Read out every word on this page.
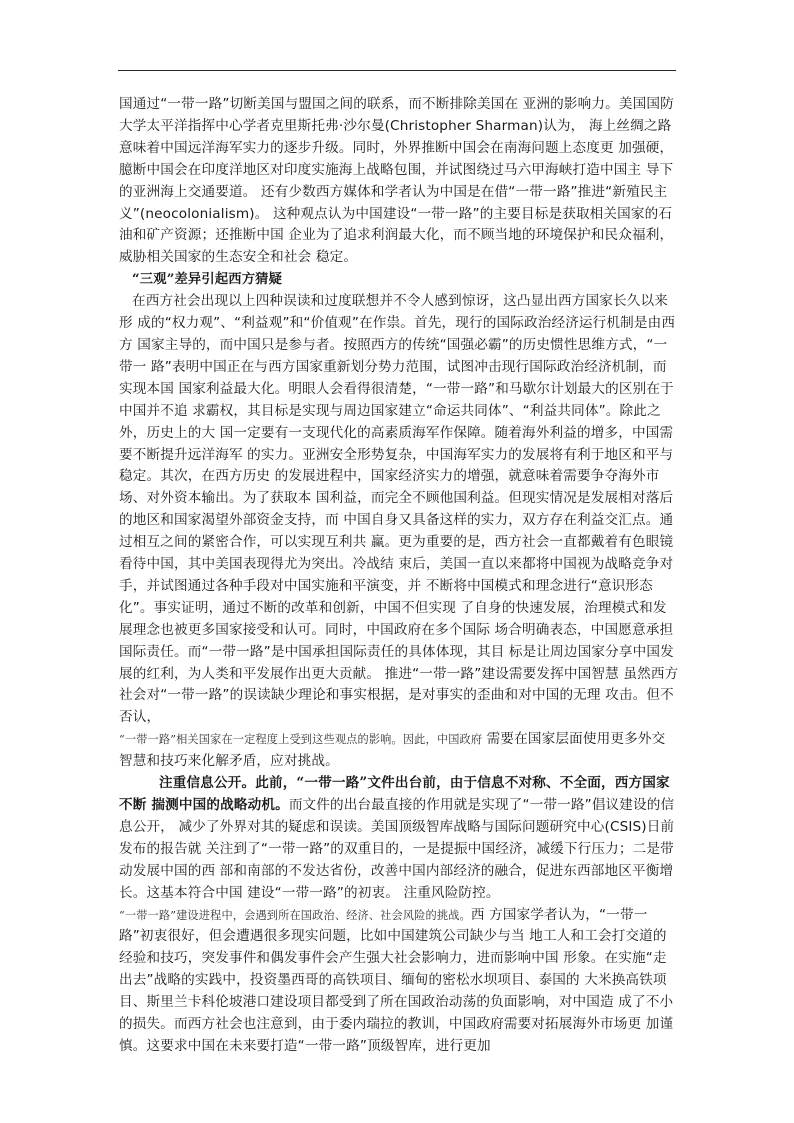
国通过“一带一路”切断美国与盟国之间的联系，而不断排除美国在 亚洲的影响力。美国国防大学太平洋指挥中心学者克里斯托弗·沙尔曼(Christopher Sharman)认为， 海上丝绸之路意味着中国远洋海军实力的逐步升级。同时，外界推断中国会在南海问题上态度更 加强硬，臆断中国会在印度洋地区对印度实施海上战略包围，并试图绕过马六甲海峡打造中国主 导下的亚洲海上交通要道。 还有少数西方媒体和学者认为中国是在借“一带一路”推进“新殖民主义”(neocolonialism)。 这种观点认为中国建设“一带一路”的主要目标是获取相关国家的石油和矿产资源；还推断中国 企业为了追求利润最大化，而不顾当地的环境保护和民众福利，威胁相关国家的生态安全和社会 稳定。

“三观”差异引起西方猜疑

在西方社会出现以上四种误读和过度联想并不令人感到惊讶，这凸显出西方国家长久以来形 成的“权力观”、“利益观”和“价值观”在作祟。首先，现行的国际政治经济运行机制是由西方 国家主导的，而中国只是参与者。按照西方的传统“国强必霸”的历史惯性思维方式，“一带一 路”表明中国正在与西方国家重新划分势力范围，试图冲击现行国际政治经济机制，而实现本国 国家利益最大化。明眼人会看得很清楚，“一带一路”和马歇尔计划最大的区别在于中国并不追 求霸权，其目标是实现与周边国家建立“命运共同体”、“利益共同体”。除此之外，历史上的大 国一定要有一支现代化的高素质海军作保障。随着海外利益的增多，中国需要不断提升远洋海军 的实力。亚洲安全形势复杂，中国海军实力的发展将有利于地区和平与稳定。其次，在西方历史 的发展进程中，国家经济实力的增强，就意味着需要争夺海外市场、对外资本输出。为了获取本 国利益，而完全不顾他国利益。但现实情况是发展相对落后的地区和国家渴望外部资金支持，而 中国自身又具备这样的实力，双方存在利益交汇点。通过相互之间的紧密合作，可以实现互利共 赢。更为重要的是，西方社会一直都戴着有色眼镜看待中国，其中美国表现得尤为突出。冷战结 束后，美国一直以来都将中国视为战略竞争对手，并试图通过各种手段对中国实施和平演变，并 不断将中国模式和理念进行“意识形态化”。事实证明，通过不断的改革和创新，中国不但实现 了自身的快速发展，治理模式和发展理念也被更多国家接受和认可。同时，中国政府在多个国际 场合明确表态，中国愿意承担国际责任。而“一带一路”是中国承担国际责任的具体体现，其目 标是让周边国家分享中国发展的红利，为人类和平发展作出更大贡献。 推进“一带一路”建设需要发挥中国智慧 虽然西方社会对“一带一路”的误读缺少理论和事实根据，是对事实的歪曲和对中国的无理 攻击。但不否认，

“一带一路”相关国家在一定程度上受到这些观点的影响。因此，中国政府 需要在国家层面使用更多外交智慧和技巧来化解矛盾，应对挑战。

注重信息公开。此前，“一带一路”文件出台前，由于信息不对称、不全面，西方国家不断 揣测中国的战略动机。而文件的出台最直接的作用就是实现了“一带一路”倡议建设的信息公开， 减少了外界对其的疑虑和误读。美国顶级智库战略与国际问题研究中心(CSIS)日前发布的报告就 关注到了“一带一路”的双重目的，一是提振中国经济，减缓下行压力；二是带动发展中国的西 部和南部的不发达省份，改善中国内部经济的融合，促进东西部地区平衡增长。这基本符合中国 建设“一带一路”的初衷。 注重风险防控。

“一带一路”建设进程中，会遇到所在国政治、经济、社会风险的挑战。西 方国家学者认为，“一带一路”初衷很好，但会遭遇很多现实问题，比如中国建筑公司缺少与当 地工人和工会打交道的经验和技巧，突发事件和偶发事件会产生强大社会影响力，进而影响中国 形象。在实施“走出去”战略的实践中，投资墨西哥的高铁项目、缅甸的密松水坝项目、泰国的 大米换高铁项目、斯里兰卡科伦坡港口建设项目都受到了所在国政治动荡的负面影响，对中国造 成了不小的损失。而西方社会也注意到，由于委内瑞拉的教训，中国政府需要对拓展海外市场更 加谨慎。这要求中国在未来要打造“一带一路”顶级智库，进行更加
